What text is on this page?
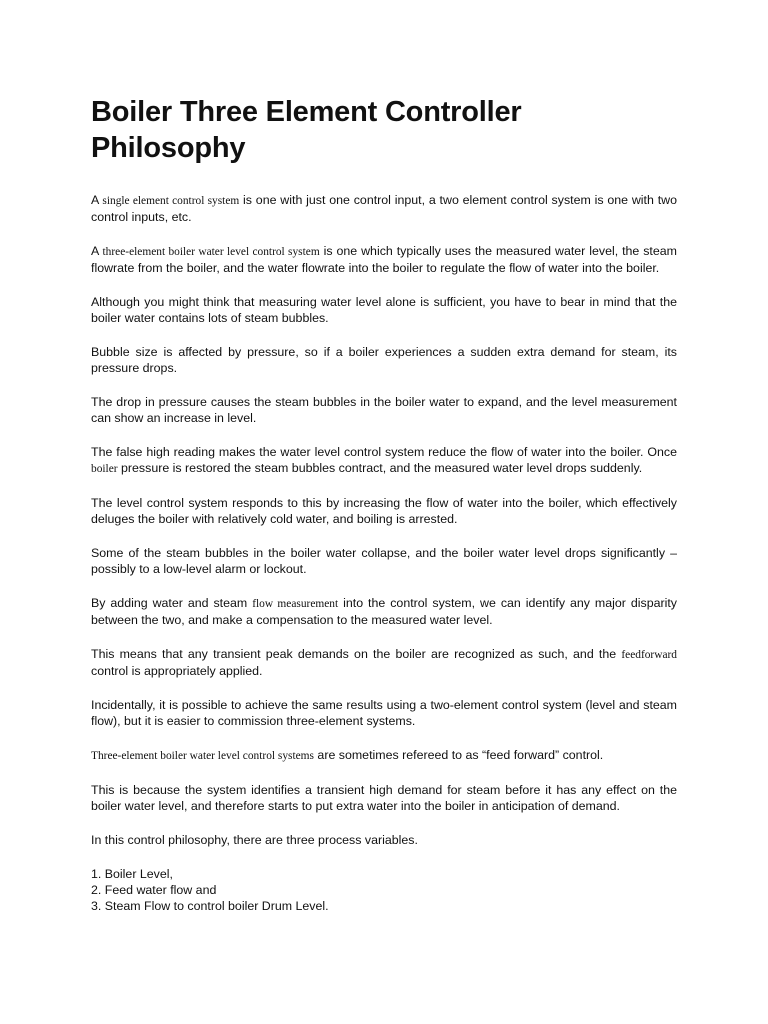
Boiler Three Element Controller Philosophy

A single element control system is one with just one control input, a two element control system is one with two control inputs, etc.

A three-element boiler water level control system is one which typically uses the measured water level, the steam flowrate from the boiler, and the water flowrate into the boiler to regulate the flow of water into the boiler.

Although you might think that measuring water level alone is sufficient, you have to bear in mind that the boiler water contains lots of steam bubbles.

Bubble size is affected by pressure, so if a boiler experiences a sudden extra demand for steam, its pressure drops.

The drop in pressure causes the steam bubbles in the boiler water to expand, and the level measurement can show an increase in level.

The false high reading makes the water level control system reduce the flow of water into the boiler. Once boiler pressure is restored the steam bubbles contract, and the measured water level drops suddenly.

The level control system responds to this by increasing the flow of water into the boiler, which effectively deluges the boiler with relatively cold water, and boiling is arrested.

Some of the steam bubbles in the boiler water collapse, and the boiler water level drops significantly – possibly to a low-level alarm or lockout.

By adding water and steam flow measurement into the control system, we can identify any major disparity between the two, and make a compensation to the measured water level.

This means that any transient peak demands on the boiler are recognized as such, and the feedforward control is appropriately applied.

Incidentally, it is possible to achieve the same results using a two-element control system (level and steam flow), but it is easier to commission three-element systems.

Three-element boiler water level control systems are sometimes refereed to as “feed forward” control.

This is because the system identifies a transient high demand for steam before it has any effect on the boiler water level, and therefore starts to put extra water into the boiler in anticipation of demand.

In this control philosophy, there are three process variables.

1. Boiler Level,
2. Feed water flow and
3. Steam Flow to control boiler Drum Level.
